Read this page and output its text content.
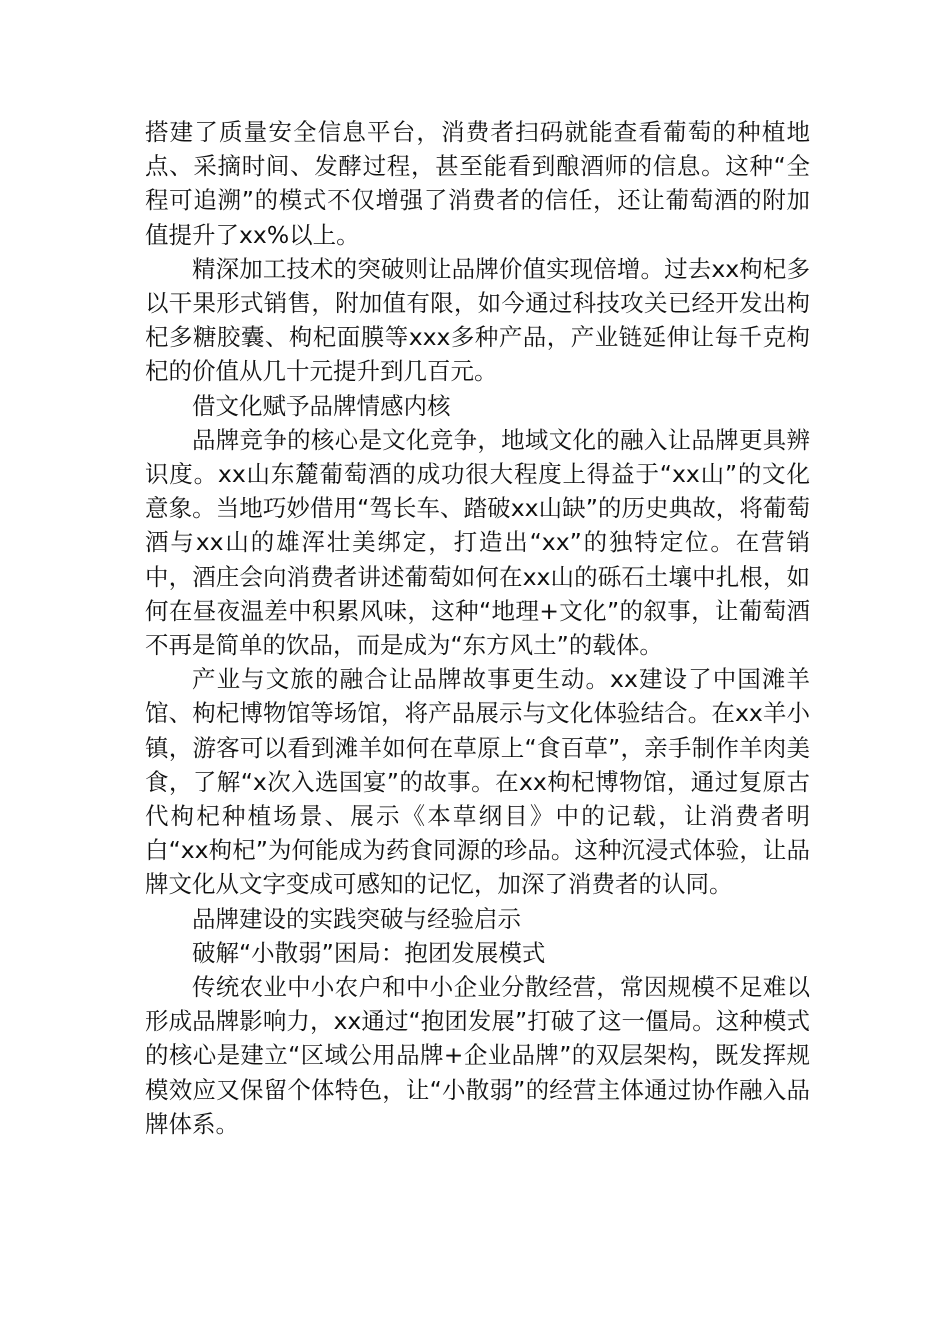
搭建了质量安全信息平台，消费者扫码就能查看葡萄的种植地点、采摘时间、发酵过程，甚至能看到酿酒师的信息。这种“全程可追溯”的模式不仅增强了消费者的信任，还让葡萄酒的附加值提升了xx%以上。

精深加工技术的突破则让品牌价值实现倍增。过去xx枸杞多以干果形式销售，附加值有限，如今通过科技攻关已经开发出枸杞多糖胶囊、枸杞面膜等xxx多种产品，产业链延伸让每千克枸杞的价值从几十元提升到几百元。

借文化赋予品牌情感内核

品牌竞争的核心是文化竞争，地域文化的融入让品牌更具辨识度。xx山东麓葡萄酒的成功很大程度上得益于“xx山”的文化意象。当地巧妙借用“驾长车、踏破xx山缺”的历史典故，将葡萄酒与xx山的雄浑壮美绑定，打造出“xx”的独特定位。在营销中，酒庄会向消费者讲述葡萄如何在xx山的砾石土壤中扎根，如何在昼夜温差中积累风味，这种“地理+文化”的叙事，让葡萄酒不再是简单的饮品，而是成为“东方风土”的载体。

产业与文旅的融合让品牌故事更生动。xx建设了中国滩羊馆、枸杞博物馆等场馆，将产品展示与文化体验结合。在xx羊小镇，游客可以看到滩羊如何在草原上“食百草”，亲手制作羊肉美食，了解“x次入选国宴”的故事。在xx枸杞博物馆，通过复原古代枸杞种植场景、展示《本草纲目》中的记载，让消费者明白“xx枸杞”为何能成为药食同源的珍品。这种沉浸式体验，让品牌文化从文字变成可感知的记忆，加深了消费者的认同。

品牌建设的实践突破与经验启示

破解“小散弱”困局：抱团发展模式

传统农业中小农户和中小企业分散经营，常因规模不足难以形成品牌影响力，xx通过“抱团发展”打破了这一僵局。这种模式的核心是建立“区域公用品牌+企业品牌”的双层架构，既发挥规模效应又保留个体特色，让“小散弱”的经营主体通过协作融入品牌体系。
